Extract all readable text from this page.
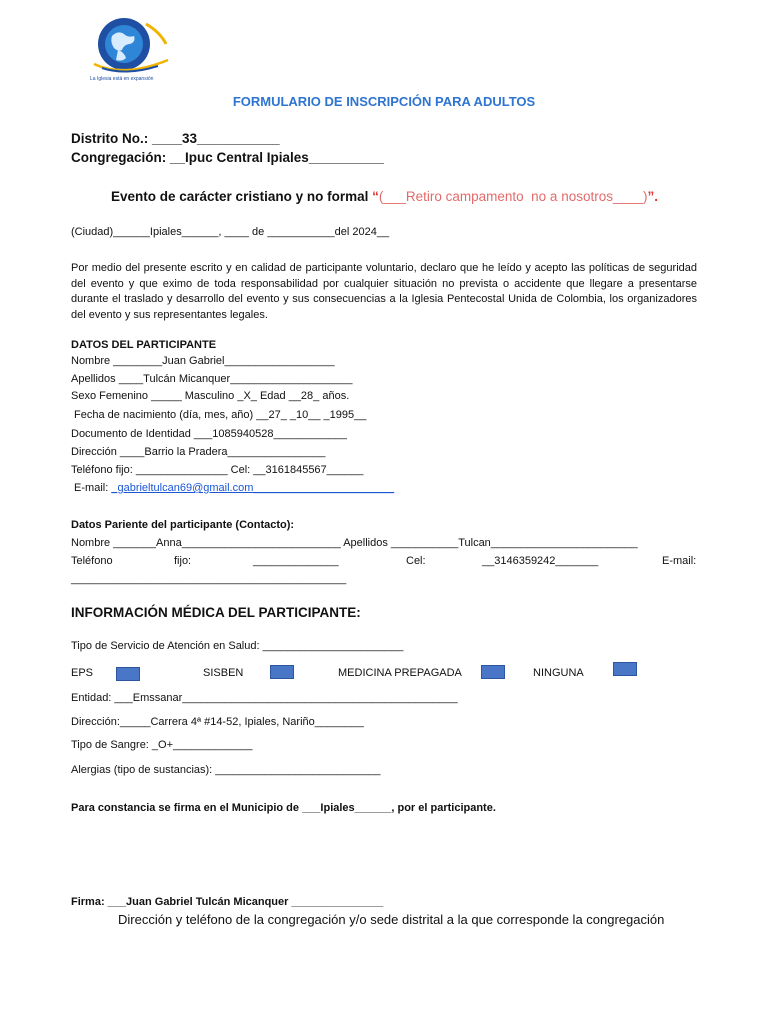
La Iglesia está en expansión
FORMULARIO DE INSCRIPCIÓN PARA ADULTOS
Distrito No.: ____33___________
Congregación: __Ipuc Central Ipiales__________
Evento de carácter cristiano y no formal “(___Retiro campamento  no a nosotros____)”.
(Ciudad)______Ipiales______, ____ de ___________del 2024__
Por medio del presente escrito y en calidad de participante voluntario, declaro que he leído y acepto las políticas de seguridad del evento y que eximo de toda responsabilidad por cualquier situación no prevista o accidente que llegare a presentarse durante el traslado y desarrollo del evento y sus consecuencias a la Iglesia Pentecostal Unida de Colombia, los organizadores del evento y sus representantes legales.
DATOS DEL PARTICIPANTE
Nombre ________Juan Gabriel__________________
Apellidos ____Tulcán Micanquer____________________
Sexo Femenino _____ Masculino _X_ Edad __28_ años.
Fecha de nacimiento (día, mes, año) __27_ _10__ _1995__
Documento de Identidad ___1085940528____________
Dirección ____Barrio la Pradera________________
Teléfono fijo: _______________ Cel: __3161845567______
E-mail: _gabrieltulcan69@gmail.com_______________________
Datos Pariente del participante (Contacto):
Nombre _______Anna__________________________ Apellidos ___________Tulcan________________________
Teléfono	fijo:	______________	Cel:	__3146359242_______	E-mail:
_____________________________________________
INFORMACIÓN MÉDICA DEL PARTICIPANTE:
Tipo de Servicio de Atención en Salud: _______________________
EPS	SISBEN	MEDICINA PREPAGADA	NINGUNA
Entidad: ___Emssanar_____________________________________________
Dirección:_____Carrera 4ª #14-52, Ipiales, Nariño________
Tipo de Sangre: _O+_____________
Alergias (tipo de sustancias): ___________________________
Para constancia se firma en el Municipio de ___Ipiales______, por el participante.
Firma: ___Juan Gabriel Tulcán Micanquer _______________
Dirección y teléfono de la congregación y/o sede distrital a la que corresponde la congregación
